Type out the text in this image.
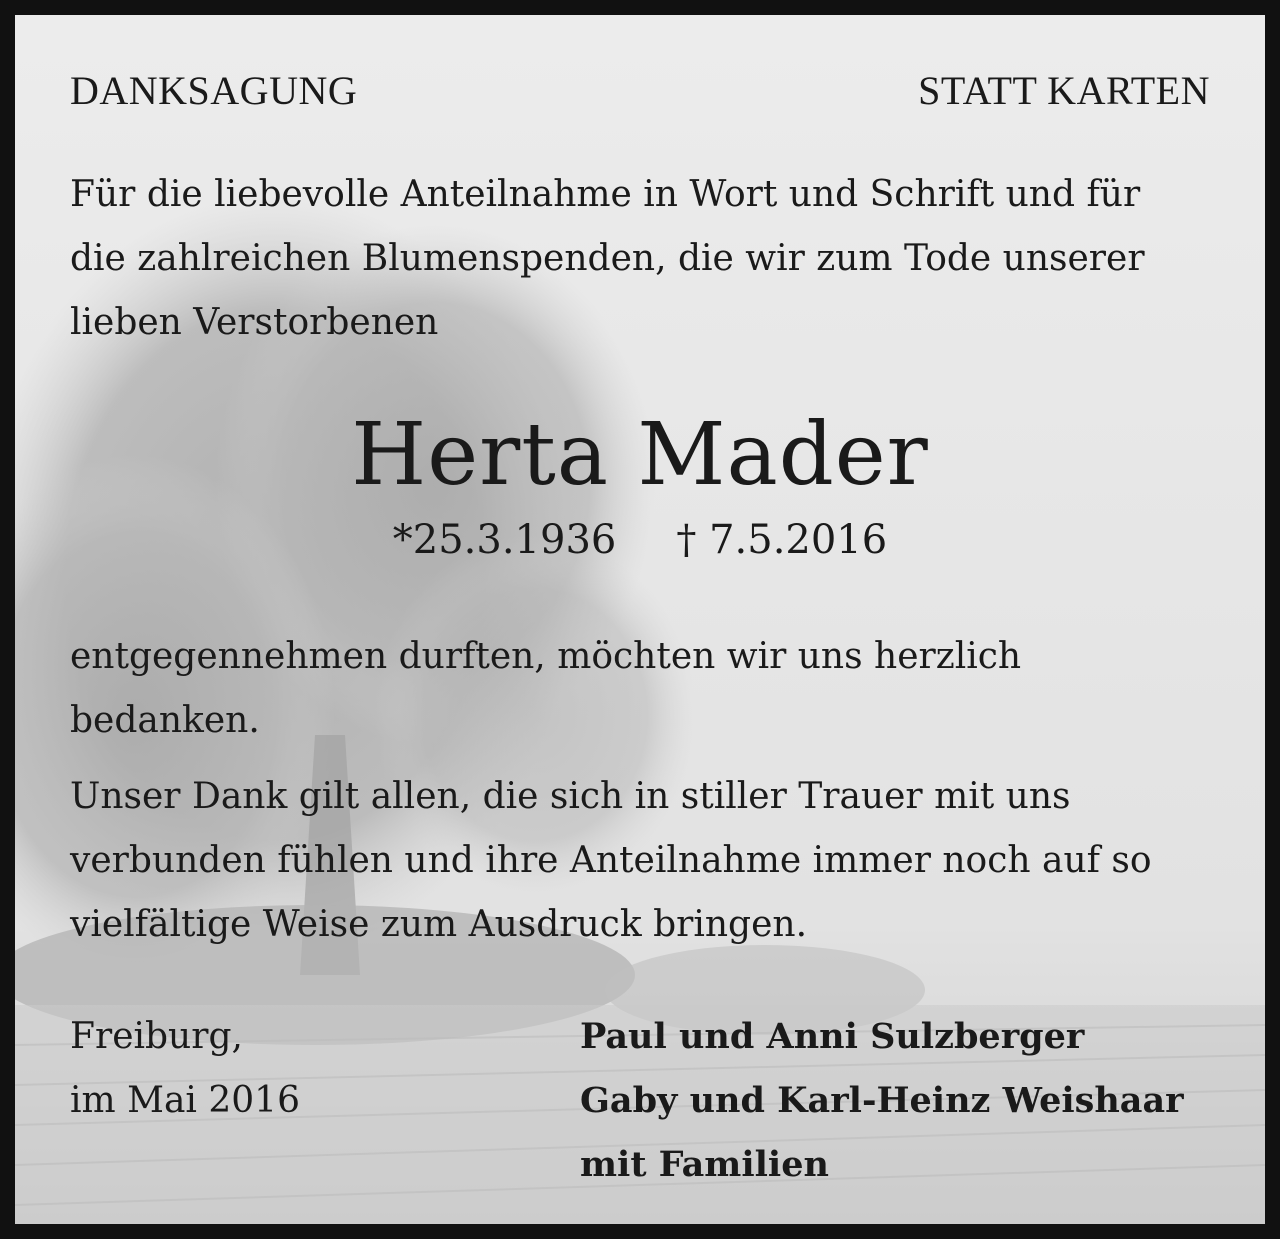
DANKSAGUNG	STATT KARTEN
Für die liebevolle Anteilnahme in Wort und Schrift und für
die zahlreichen Blumenspenden, die wir zum Tode unserer
lieben Verstorbenen
Herta Mader
*25.3.1936 † 7.5.2016
entgegennehmen durften, möchten wir uns herzlich
bedanken.
Unser Dank gilt allen, die sich in stiller Trauer mit uns
verbunden fühlen und ihre Anteilnahme immer noch auf so
vielfältige Weise zum Ausdruck bringen.
Freiburg,
im Mai 2016
Paul und Anni Sulzberger
Gaby und Karl-Heinz Weishaar
mit Familien
